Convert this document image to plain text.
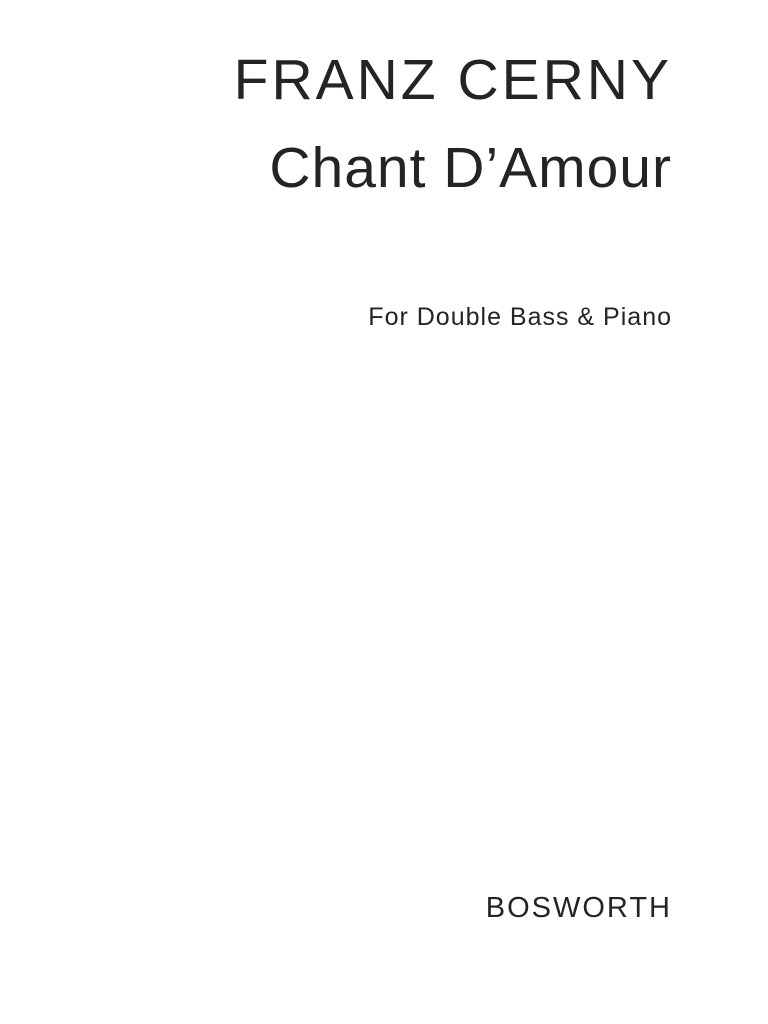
FRANZ CERNY
Chant D’Amour

For Double Bass & Piano

BOSWORTH
